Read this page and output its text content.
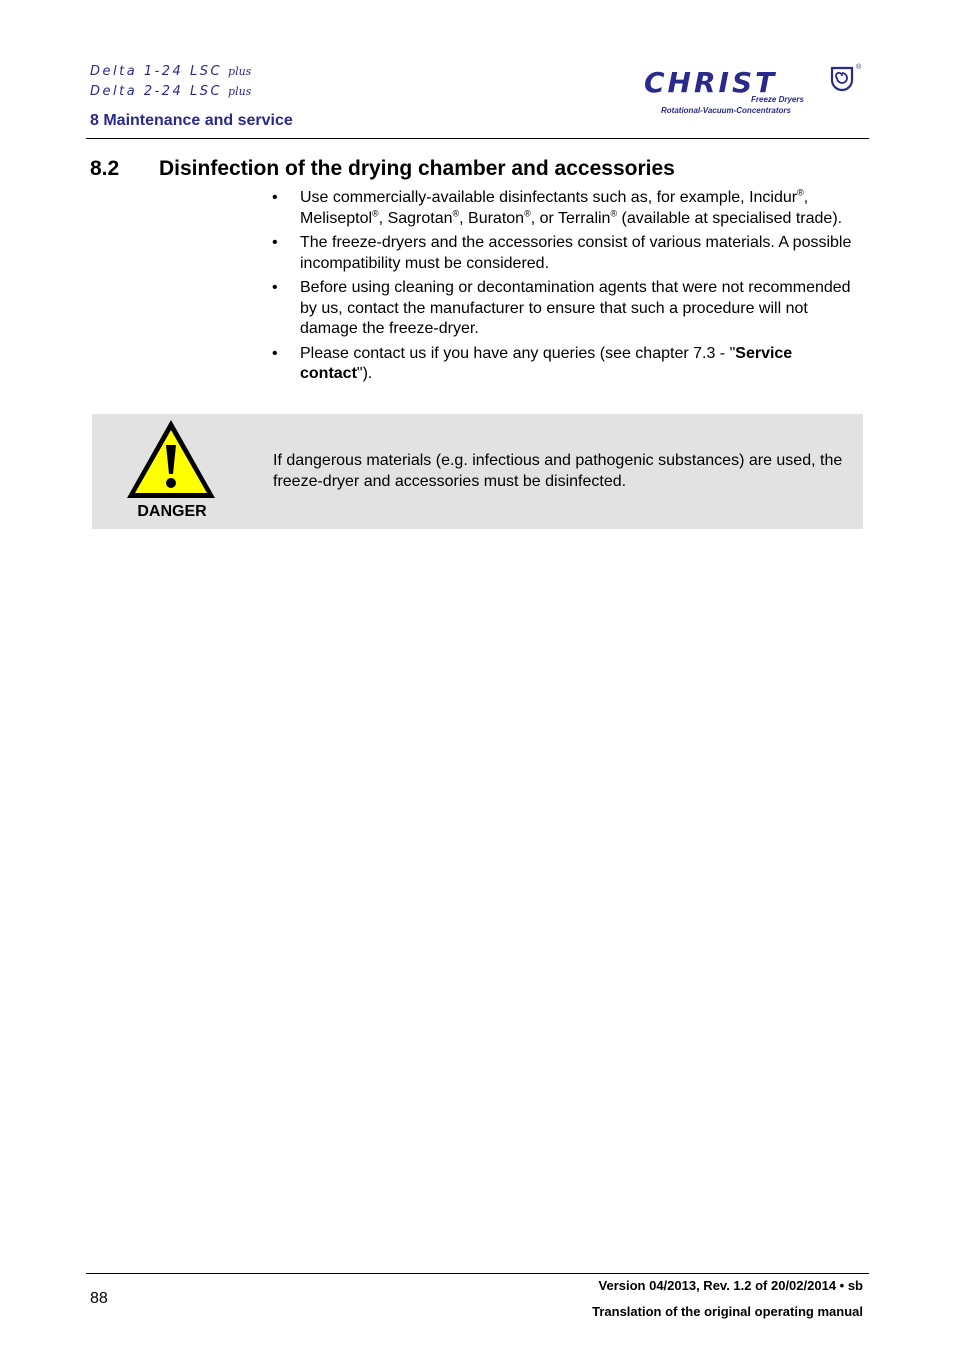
Delta 1-24 LSC plus
Delta 2-24 LSC plus
8 Maintenance and service
CHRIST	®
Freeze Dryers
Rotational-Vacuum-Concentrators
8.2 Disinfection of the drying chamber and accessories
• Use commercially-available disinfectants such as, for example, Incidur®, Meliseptol®, Sagrotan®, Buraton®, or Terralin® (available at specialised trade).
• The freeze-dryers and the accessories consist of various materials. A possible incompatibility must be considered.
• Before using cleaning or decontamination agents that were not recommended by us, contact the manufacturer to ensure that such a procedure will not damage the freeze-dryer.
• Please contact us if you have any queries (see chapter 7.3 - "Service contact").
DANGER
If dangerous materials (e.g. infectious and pathogenic substances) are used, the freeze-dryer and accessories must be disinfected.
88
Version 04/2013, Rev. 1.2 of 20/02/2014 • sb
Translation of the original operating manual
